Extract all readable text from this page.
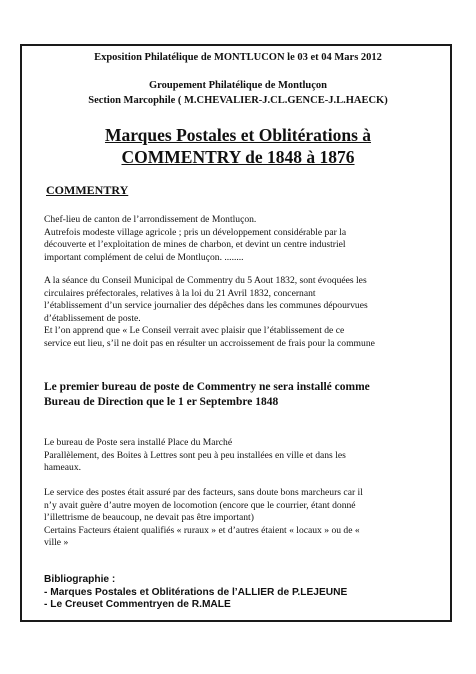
Exposition Philatélique de MONTLUCON le 03 et 04 Mars 2012

Groupement Philatélique de Montluçon

Section Marcophile ( M.CHEVALIER-J.CL.GENCE-J.L.HAECK)

Marques Postales et Oblitérations à

COMMENTRY de 1848 à 1876

COMMENTRY

Chef-lieu de canton de l’arrondissement de Montluçon.
Autrefois modeste village agricole ; pris un développement considérable par la
découverte et l’exploitation de mines de charbon, et devint un centre industriel
important complément de celui de Montluçon. ........
A la séance du Conseil Municipal de Commentry du 5 Aout 1832, sont évoquées les
circulaires préfectorales, relatives à la loi du 21 Avril 1832, concernant
l’établissement d’un service journalier des dépêches dans les communes dépourvues
d’établissement de poste.
Et l’on apprend que « Le Conseil verrait avec plaisir que l’établissement de ce
service eut lieu, s’il ne doit pas en résulter un accroissement de frais pour la commune
Le premier bureau de poste de Commentry ne sera installé comme
Bureau de Direction que le 1 er Septembre 1848
Le bureau de Poste sera installé Place du Marché
Parallèlement, des Boites à Lettres sont peu à peu installées en ville et dans les
hameaux.
Le service des postes était assuré par des facteurs, sans doute bons marcheurs car il
n’y avait guère d’autre moyen de locomotion (encore que le courrier, étant donné
l’illettrisme de beaucoup, ne devait pas être important)
Certains Facteurs étaient qualifiés « ruraux » et d’autres étaient « locaux » ou de «
ville »
Bibliographie :
- Marques Postales et Oblitérations de l’ALLIER de P.LEJEUNE
- Le Creuset Commentryen de R.MALE
